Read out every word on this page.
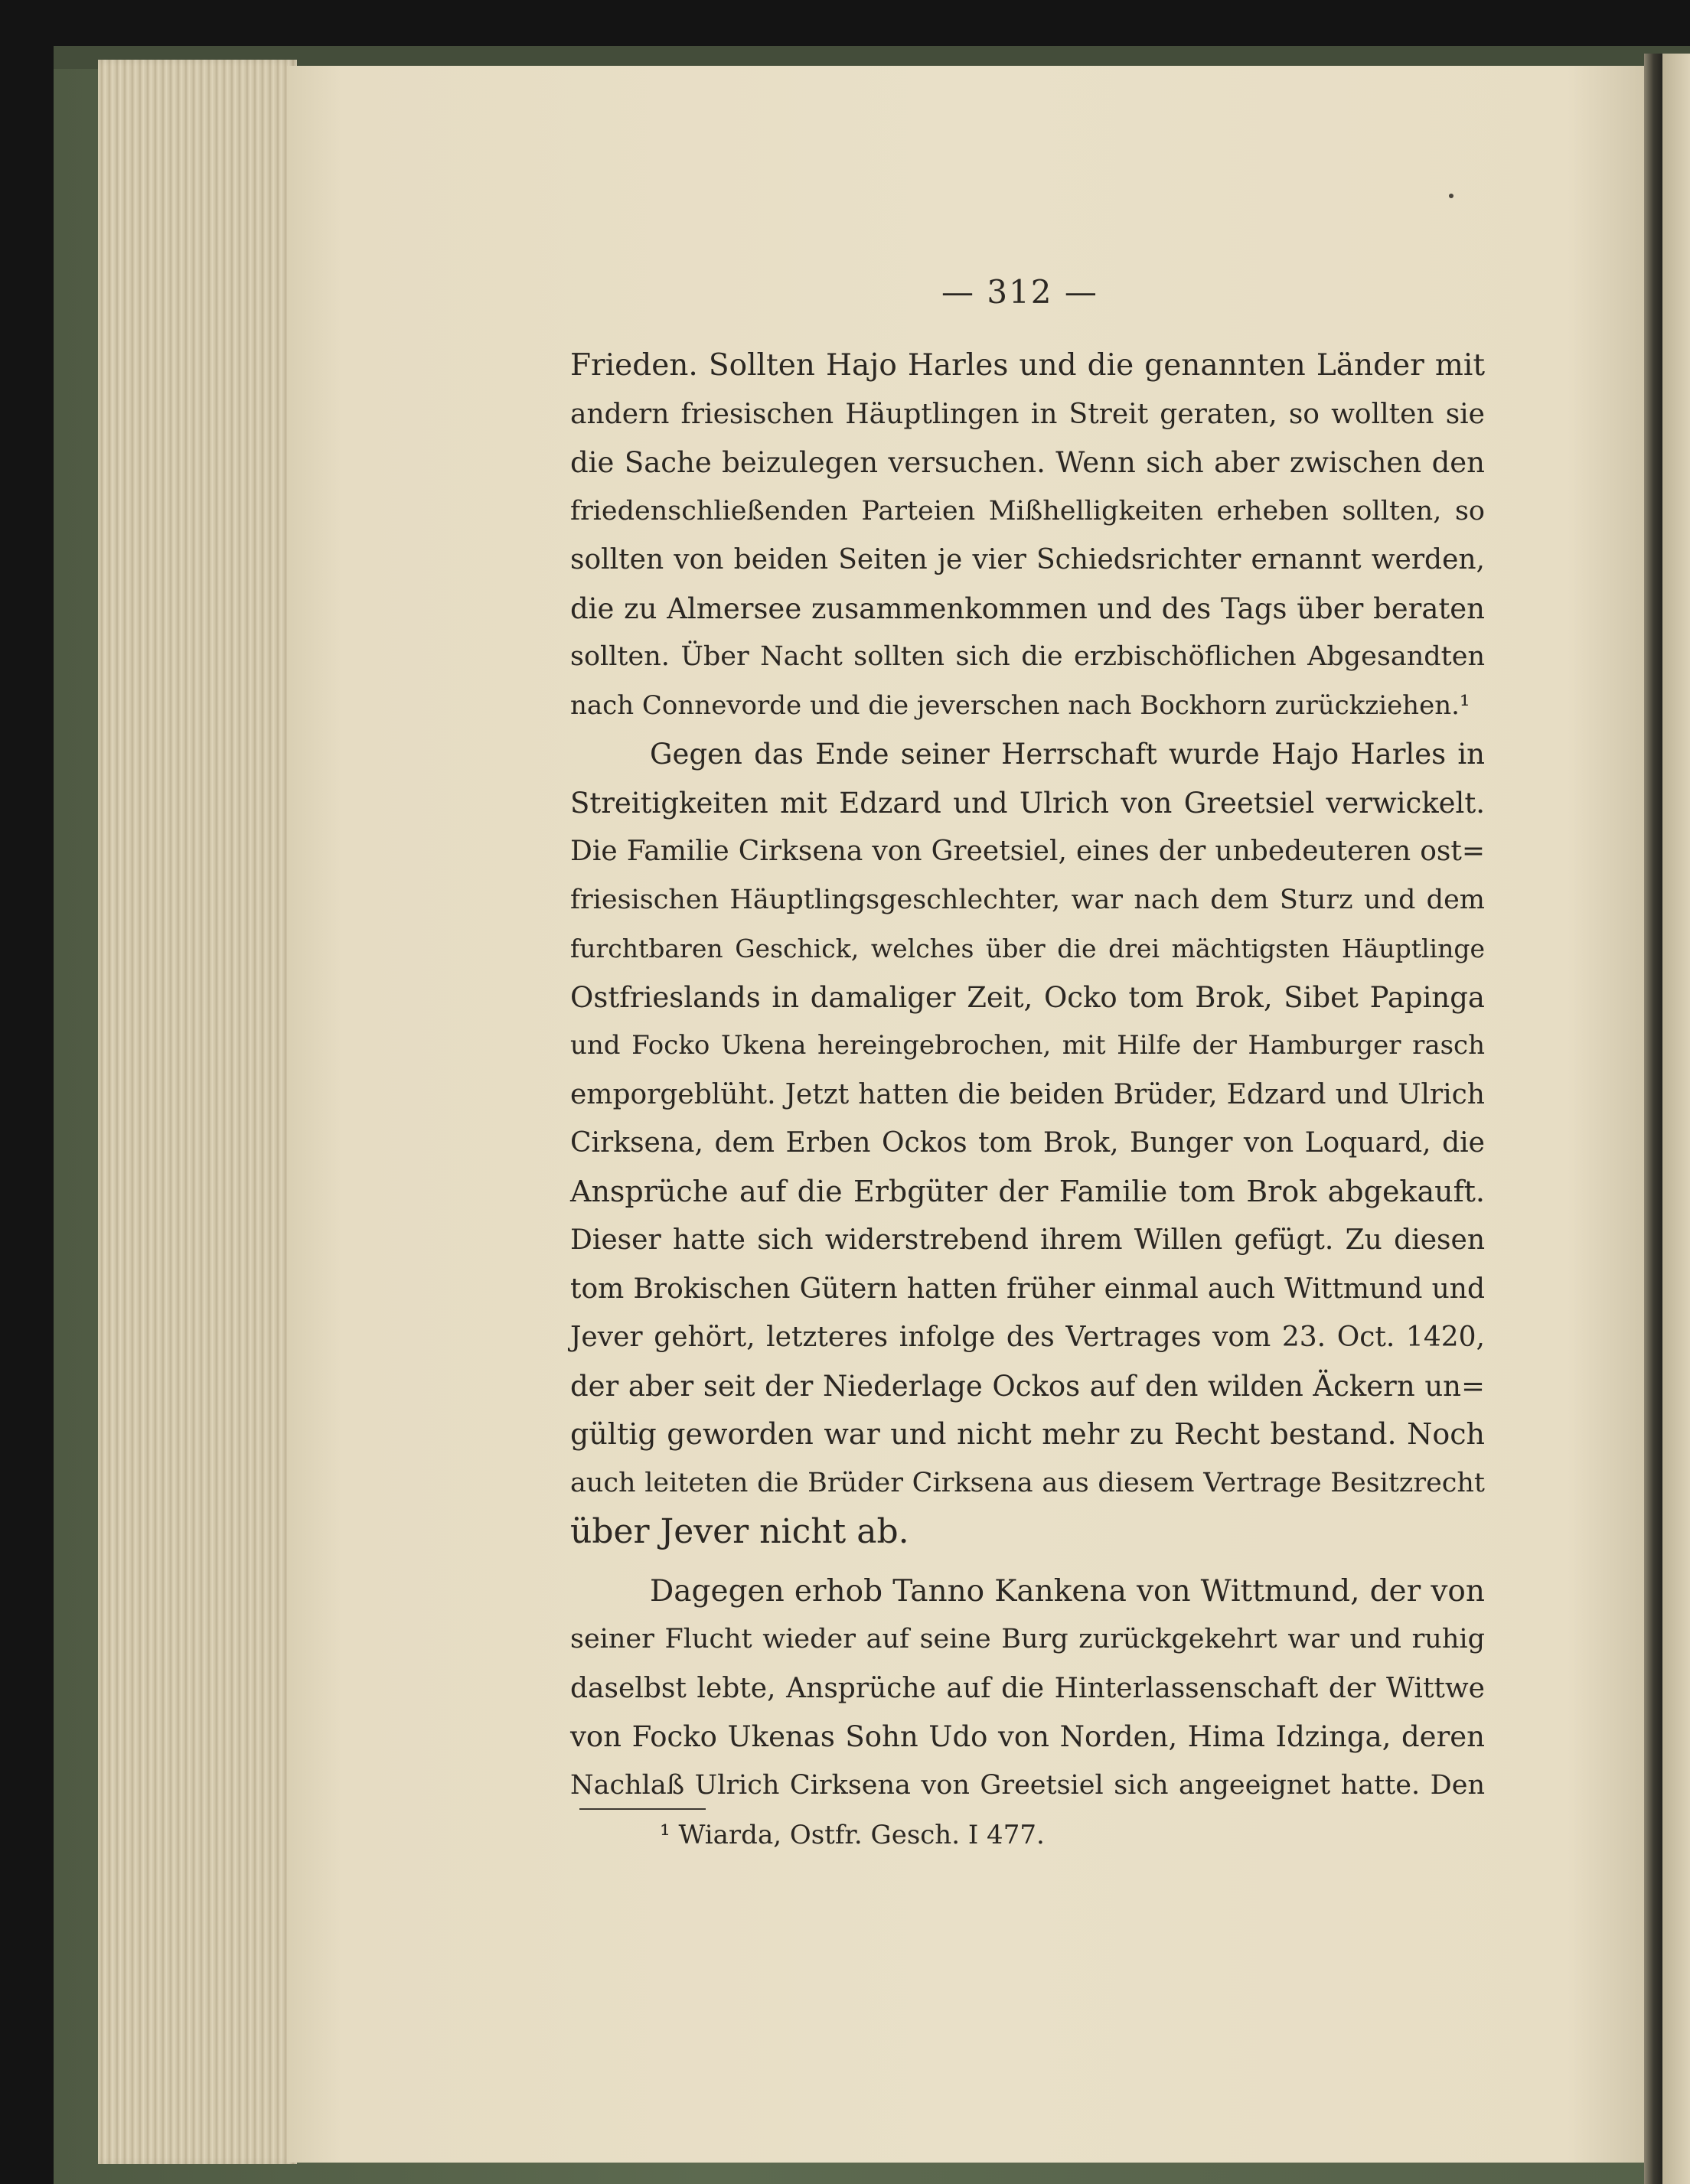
— 312 —
Frieden. Sollten Hajo Harles und die genannten Länder mit
andern friesischen Häuptlingen in Streit geraten, so wollten sie
die Sache beizulegen versuchen. Wenn sich aber zwischen den
friedenschließenden Parteien Mißhelligkeiten erheben sollten, so
sollten von beiden Seiten je vier Schiedsrichter ernannt werden,
die zu Almersee zusammenkommen und des Tags über beraten
sollten. Über Nacht sollten sich die erzbischöflichen Abgesandten
nach Connevorde und die jeverschen nach Bockhorn zurückziehen.¹
Gegen das Ende seiner Herrschaft wurde Hajo Harles in
Streitigkeiten mit Edzard und Ulrich von Greetsiel verwickelt.
Die Familie Cirksena von Greetsiel, eines der unbedeuteren ost=
friesischen Häuptlingsgeschlechter, war nach dem Sturz und dem
furchtbaren Geschick, welches über die drei mächtigsten Häuptlinge
Ostfrieslands in damaliger Zeit, Ocko tom Brok, Sibet Papinga
und Focko Ukena hereingebrochen, mit Hilfe der Hamburger rasch
emporgeblüht. Jetzt hatten die beiden Brüder, Edzard und Ulrich
Cirksena, dem Erben Ockos tom Brok, Bunger von Loquard, die
Ansprüche auf die Erbgüter der Familie tom Brok abgekauft.
Dieser hatte sich widerstrebend ihrem Willen gefügt. Zu diesen
tom Brokischen Gütern hatten früher einmal auch Wittmund und
Jever gehört, letzteres infolge des Vertrages vom 23. Oct. 1420,
der aber seit der Niederlage Ockos auf den wilden Äckern un=
gültig geworden war und nicht mehr zu Recht bestand. Noch
auch leiteten die Brüder Cirksena aus diesem Vertrage Besitzrecht
über Jever nicht ab.
Dagegen erhob Tanno Kankena von Wittmund, der von
seiner Flucht wieder auf seine Burg zurückgekehrt war und ruhig
daselbst lebte, Ansprüche auf die Hinterlassenschaft der Wittwe
von Focko Ukenas Sohn Udo von Norden, Hima Idzinga, deren
Nachlaß Ulrich Cirksena von Greetsiel sich angeeignet hatte. Den
¹ Wiarda, Ostfr. Gesch. I 477.
